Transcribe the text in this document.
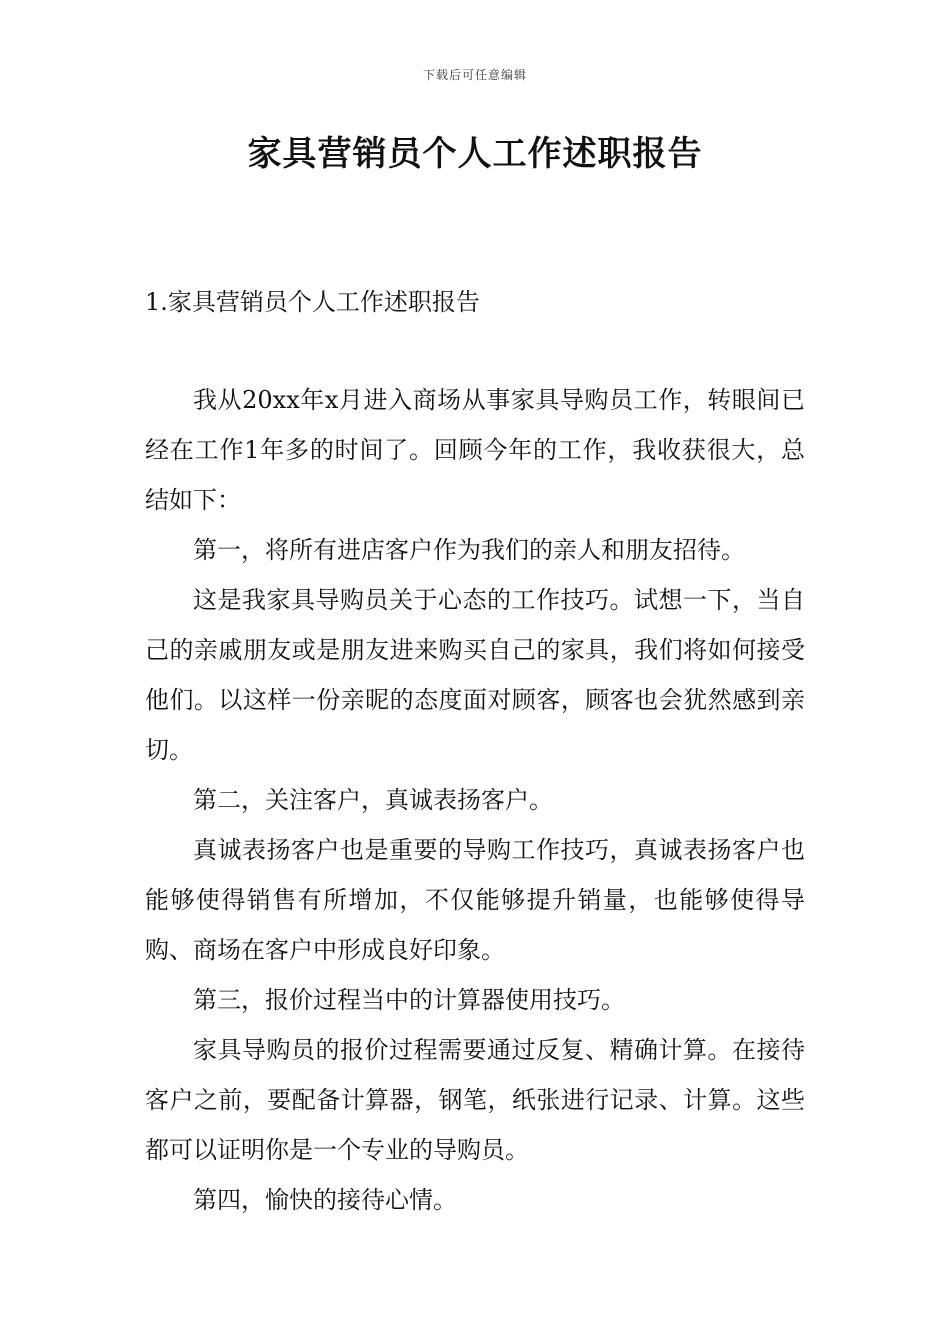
下载后可任意编辑
家具营销员个人工作述职报告
1.家具营销员个人工作述职报告

我从20xx年x月进入商场从事家具导购员工作，转眼间已经在工作1年多的时间了。回顾今年的工作，我收获很大，总结如下：

第一，将所有进店客户作为我们的亲人和朋友招待。

这是我家具导购员关于心态的工作技巧。试想一下，当自己的亲戚朋友或是朋友进来购买自己的家具，我们将如何接受他们。以这样一份亲昵的态度面对顾客，顾客也会犹然感到亲切。

第二，关注客户，真诚表扬客户。

真诚表扬客户也是重要的导购工作技巧，真诚表扬客户也能够使得销售有所增加，不仅能够提升销量，也能够使得导购、商场在客户中形成良好印象。

第三，报价过程当中的计算器使用技巧。

家具导购员的报价过程需要通过反复、精确计算。在接待客户之前，要配备计算器，钢笔，纸张进行记录、计算。这些都可以证明你是一个专业的导购员。

第四，愉快的接待心情。
